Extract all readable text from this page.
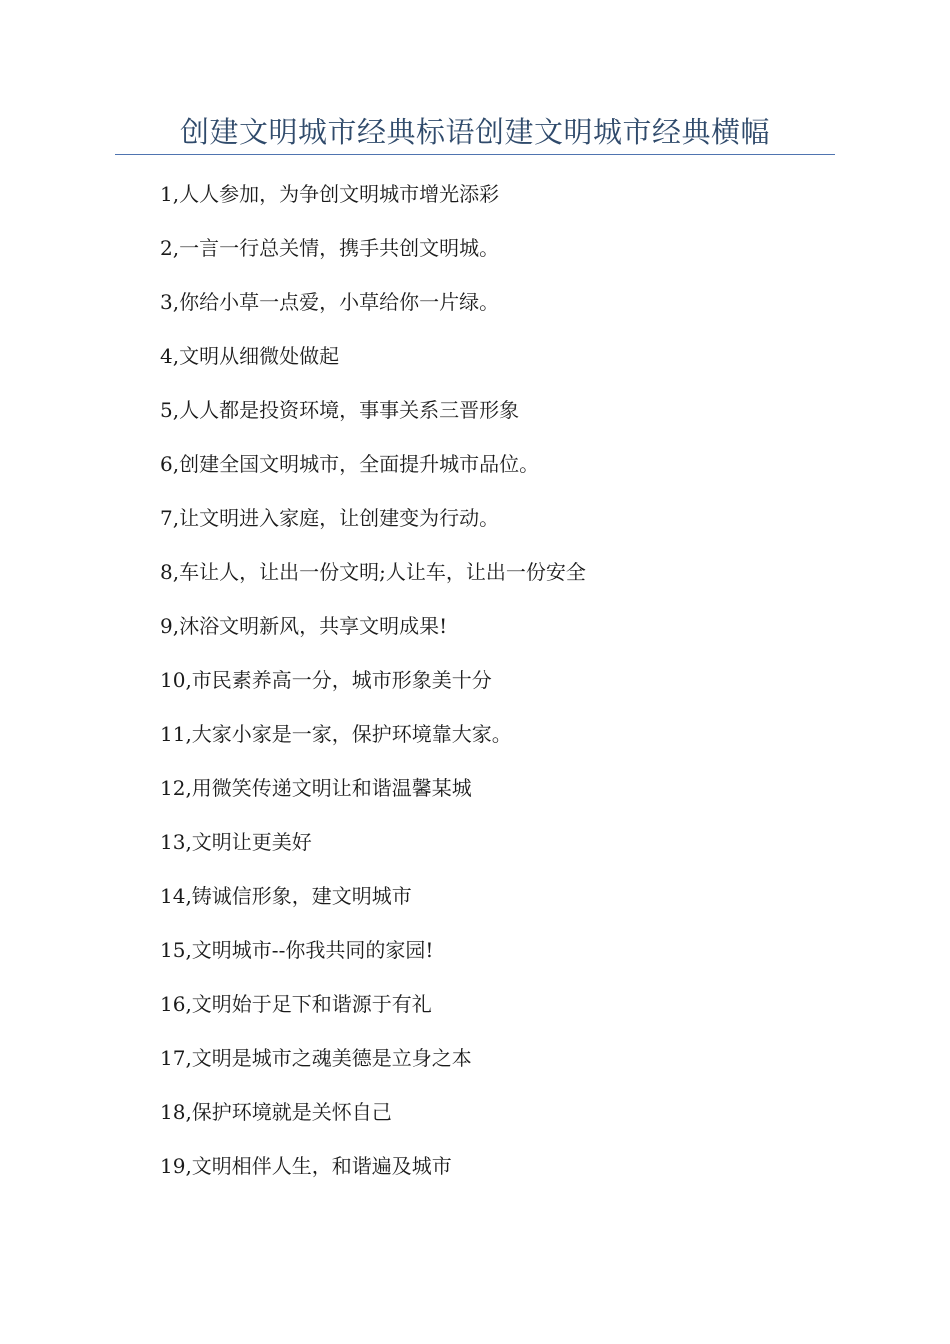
创建文明城市经典标语创建文明城市经典横幅
1,人人参加，为争创文明城市增光添彩
2,一言一行总关情，携手共创文明城。
3,你给小草一点爱，小草给你一片绿。
4,文明从细微处做起
5,人人都是投资环境，事事关系三晋形象
6,创建全国文明城市，全面提升城市品位。
7,让文明进入家庭，让创建变为行动。
8,车让人，让出一份文明;人让车，让出一份安全
9,沐浴文明新风，共享文明成果!
10,市民素养高一分，城市形象美十分
11,大家小家是一家，保护环境靠大家。
12,用微笑传递文明让和谐温馨某城
13,文明让更美好
14,铸诚信形象，建文明城市
15,文明城市--你我共同的家园!
16,文明始于足下和谐源于有礼
17,文明是城市之魂美德是立身之本
18,保护环境就是关怀自己
19,文明相伴人生，和谐遍及城市
